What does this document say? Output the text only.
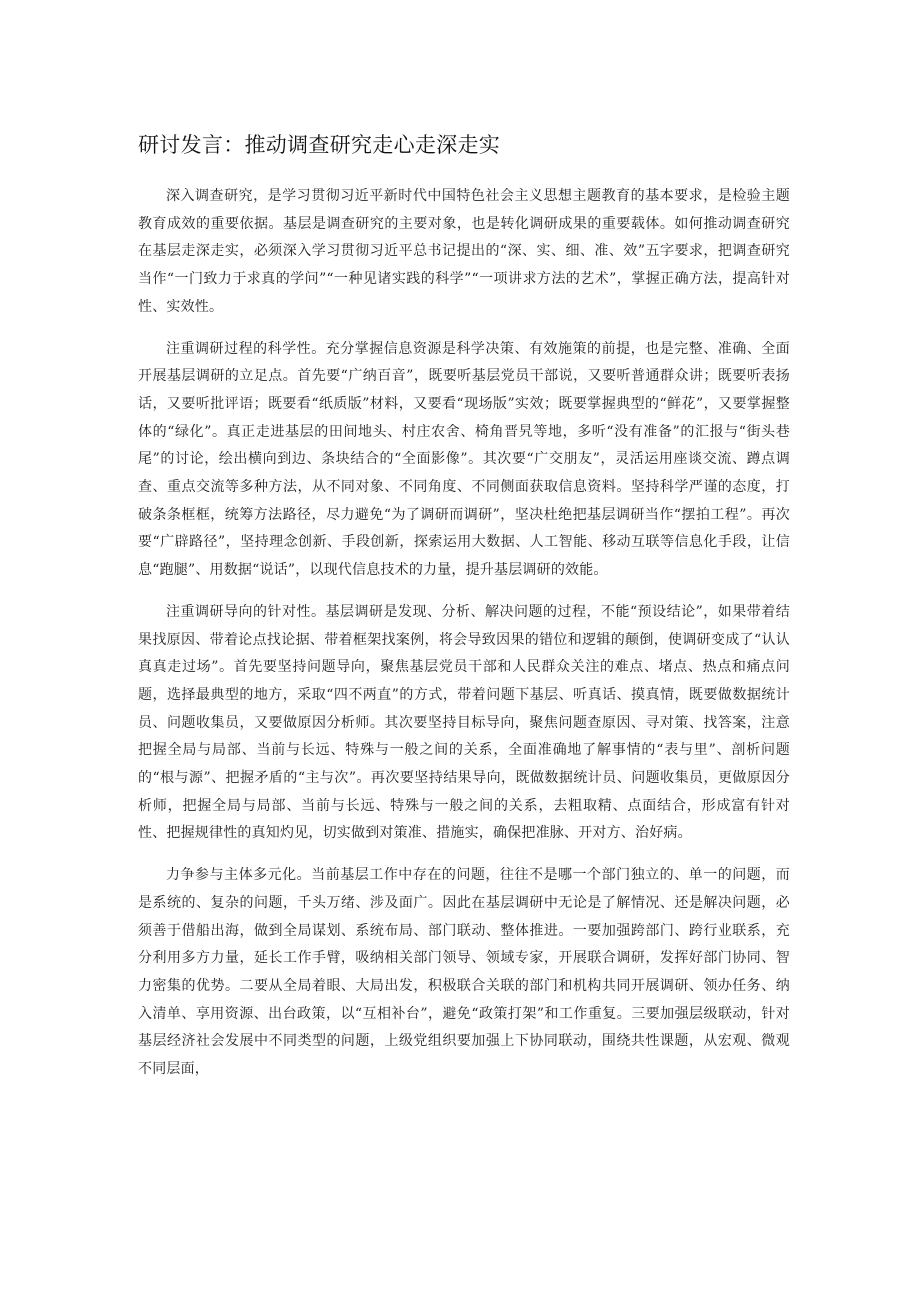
研讨发言：推动调查研究走心走深走实

深入调查研究，是学习贯彻习近平新时代中国特色社会主义思想主题教育的基本要求，是检验主题教育成效的重要依据。基层是调查研究的主要对象，也是转化调研成果的重要载体。如何推动调查研究在基层走深走实，必须深入学习贯彻习近平总书记提出的“深、实、细、准、效”五字要求，把调查研究当作“一门致力于求真的学问”“一种见诸实践的科学”“一项讲求方法的艺术”，掌握正确方法，提高针对性、实效性。

注重调研过程的科学性。充分掌握信息资源是科学决策、有效施策的前提，也是完整、准确、全面开展基层调研的立足点。首先要“广纳百音”，既要听基层党员干部说，又要听普通群众讲；既要听表扬话，又要听批评语；既要看“纸质版”材料，又要看“现场版”实效；既要掌握典型的“鲜花”，又要掌握整体的“绿化”。真正走进基层的田间地头、村庄农舍、椅角晋旯等地，多听“没有准备”的汇报与“街头巷尾”的讨论，绘出横向到边、条块结合的“全面影像”。其次要“广交朋友”，灵活运用座谈交流、蹲点调查、重点交流等多种方法，从不同对象、不同角度、不同侧面获取信息资料。坚持科学严谨的态度，打破条条框框，统筹方法路径，尽力避免“为了调研而调研”，坚决杜绝把基层调研当作“摆拍工程”。再次要“广辟路径”，坚持理念创新、手段创新，探索运用大数据、人工智能、移动互联等信息化手段，让信息“跑腿”、用数据“说话”，以现代信息技术的力量，提升基层调研的效能。

注重调研导向的针对性。基层调研是发现、分析、解决问题的过程，不能“预设结论”，如果带着结果找原因、带着论点找论据、带着框架找案例，将会导致因果的错位和逻辑的颠倒，使调研变成了“认认真真走过场”。首先要坚持问题导向，聚焦基层党员干部和人民群众关注的难点、堵点、热点和痛点问题，选择最典型的地方，采取“四不两直”的方式，带着问题下基层、听真话、摸真情，既要做数据统计员、问题收集员，又要做原因分析师。其次要坚持目标导向，聚焦问题查原因、寻对策、找答案，注意把握全局与局部、当前与长远、特殊与一般之间的关系，全面准确地了解事情的“表与里”、剖析问题的“根与源”、把握矛盾的“主与次”。再次要坚持结果导向，既做数据统计员、问题收集员，更做原因分析师，把握全局与局部、当前与长远、特殊与一般之间的关系，去粗取精、点面结合，形成富有针对性、把握规律性的真知灼见，切实做到对策准、措施实，确保把准脉、开对方、治好病。

力争参与主体多元化。当前基层工作中存在的问题，往往不是哪一个部门独立的、单一的问题，而是系统的、复杂的问题，千头万绪、涉及面广。因此在基层调研中无论是了解情况、还是解决问题，必须善于借船出海，做到全局谋划、系统布局、部门联动、整体推进。一要加强跨部门、跨行业联系，充分利用多方力量，延长工作手臂，吸纳相关部门领导、领域专家，开展联合调研，发挥好部门协同、智力密集的优势。二要从全局着眼、大局出发，积极联合关联的部门和机构共同开展调研、领办任务、纳入清单、享用资源、出台政策，以“互相补台”，避免“政策打架”和工作重复。三要加强层级联动，针对基层经济社会发展中不同类型的问题，上级党组织要加强上下协同联动，围绕共性课题，从宏观、微观不同层面，
